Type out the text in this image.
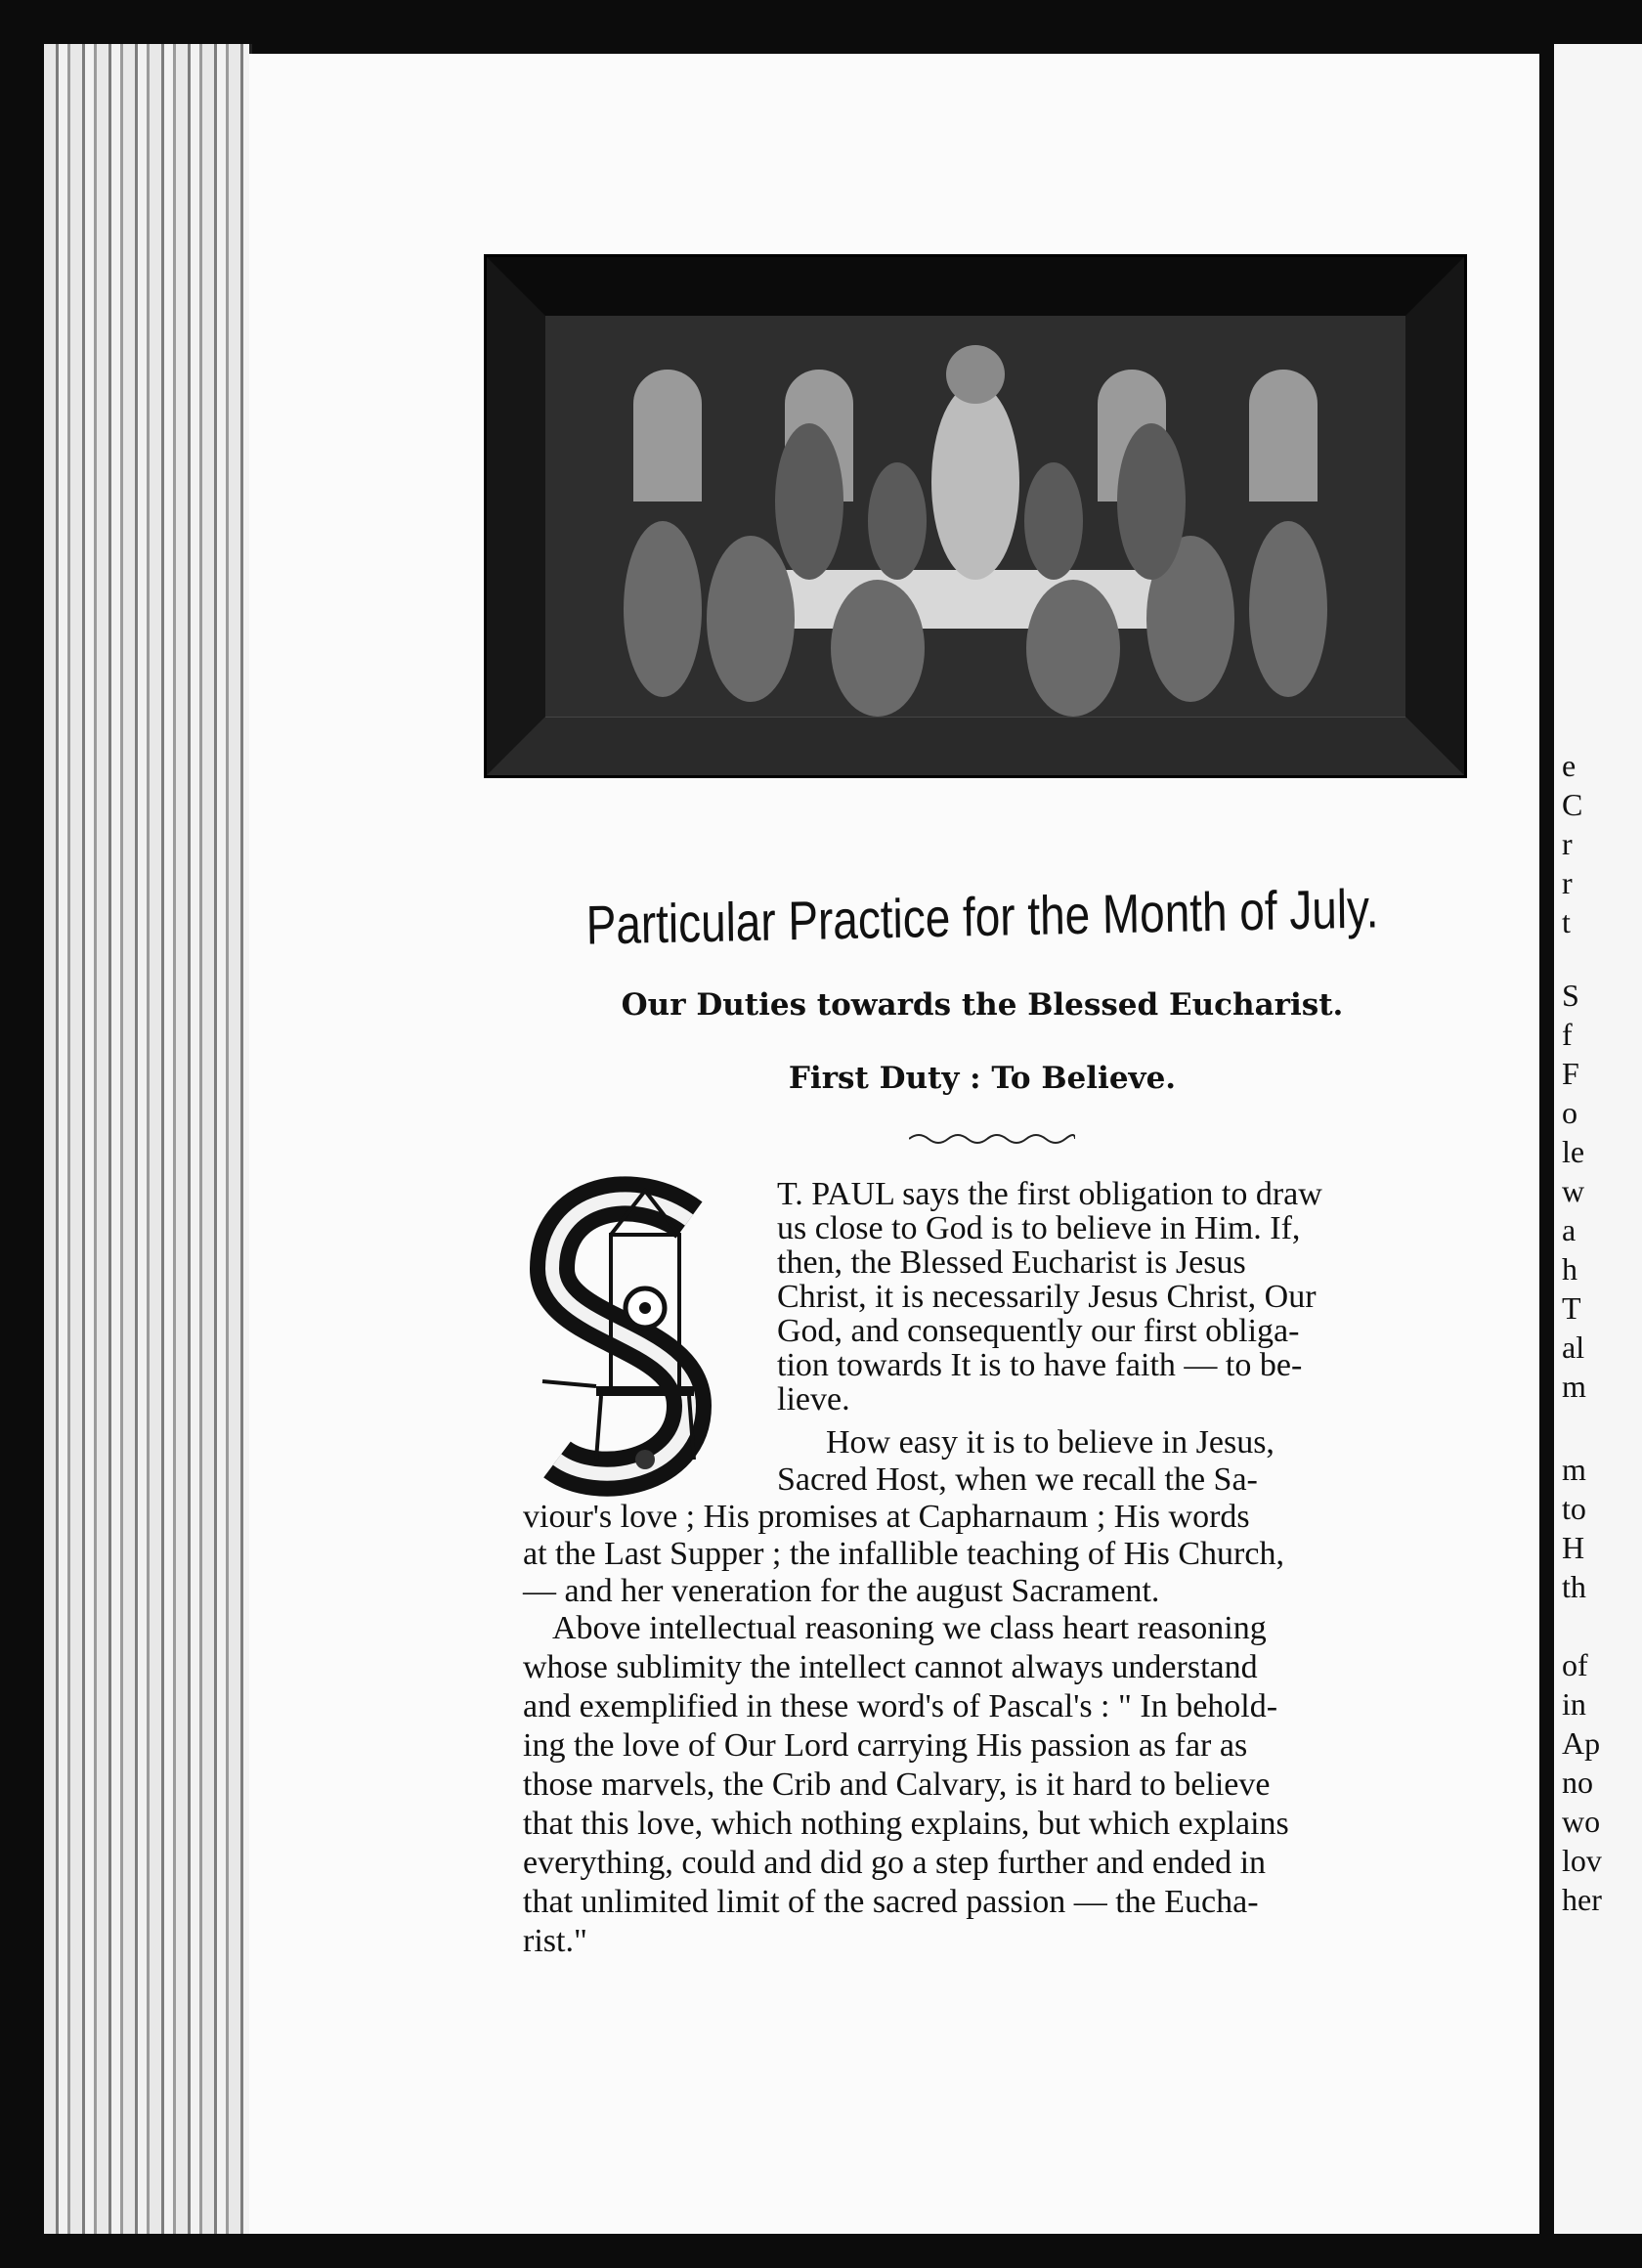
Particular Practice for the Month of July.
Our Duties towards the Blessed Eucharist.
First Duty : To Believe.
T. PAUL says the first obligation to draw
us close to God is to believe in Him. If,
then, the Blessed Eucharist is Jesus
Christ, it is necessarily Jesus Christ, Our
God, and consequently our first obliga-
tion towards It is to have faith — to be-
lieve.
How easy it is to believe in Jesus,
Sacred Host, when we recall the Sa-
viour's love ; His promises at Capharnaum ; His words
at the Last Supper ; the infallible teaching of His Church,
— and her veneration for the august Sacrament.
Above intellectual reasoning we class heart reasoning
whose sublimity the intellect cannot always understand
and exemplified in these word's of Pascal's : " In behold-
ing the love of Our Lord carrying His passion as far as
those marvels, the Crib and Calvary, is it hard to believe
that this love, which nothing explains, but which explains
everything, could and did go a step further and ended in
that unlimited limit of the sacred passion — the Eucha-
rist."
e
C
r
r
t
S
f
F
o
le
w
a
h
T
al
m
m
to
H
th
of
in
Ap
no
wo
lov
her
